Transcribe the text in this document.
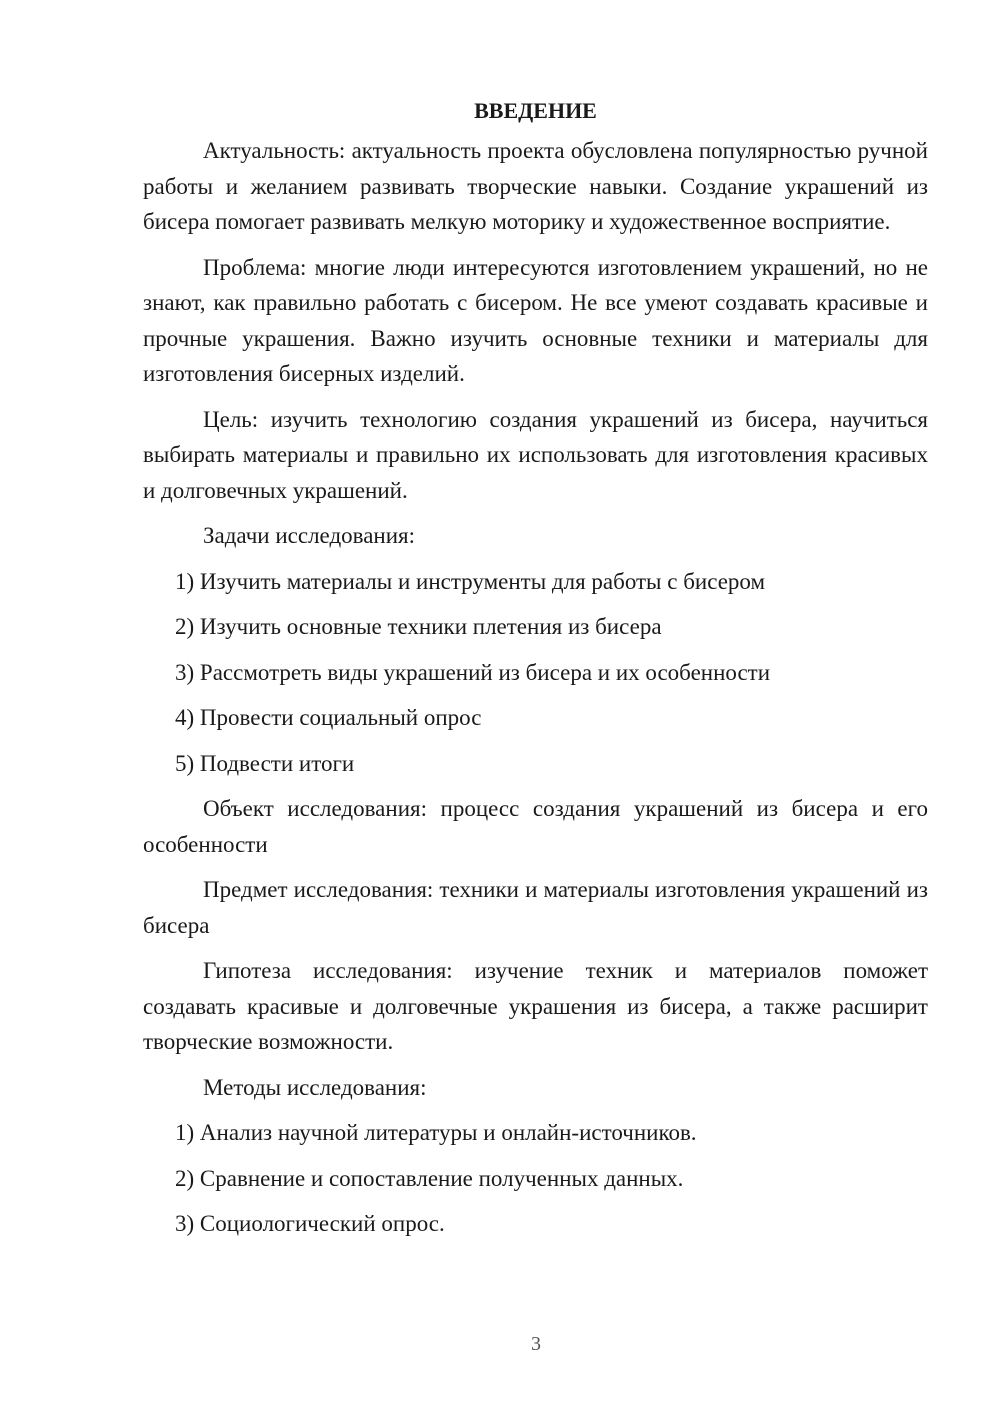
ВВЕДЕНИЕ

Актуальность: актуальность проекта обусловлена популярностью ручной работы и желанием развивать творческие навыки. Создание украшений из бисера помогает развивать мелкую моторику и художественное восприятие.

Проблема: многие люди интересуются изготовлением украшений, но не знают, как правильно работать с бисером. Не все умеют создавать красивые и прочные украшения. Важно изучить основные техники и материалы для изготовления бисерных изделий.

Цель: изучить технологию создания украшений из бисера, научиться выбирать материалы и правильно их использовать для изготовления красивых и долговечных украшений.

Задачи исследования:
1) Изучить материалы и инструменты для работы с бисером
2) Изучить основные техники плетения из бисера
3) Рассмотреть виды украшений из бисера и их особенности
4) Провести социальный опрос
5) Подвести итоги

Объект исследования: процесс создания украшений из бисера и его особенности

Предмет исследования: техники и материалы изготовления украшений из бисера

Гипотеза исследования: изучение техник и материалов поможет создавать красивые и долговечные украшения из бисера, а также расширит творческие возможности.

Методы исследования:
1) Анализ научной литературы и онлайн-источников.
2) Сравнение и сопоставление полученных данных.
3) Социологический опрос.
3
